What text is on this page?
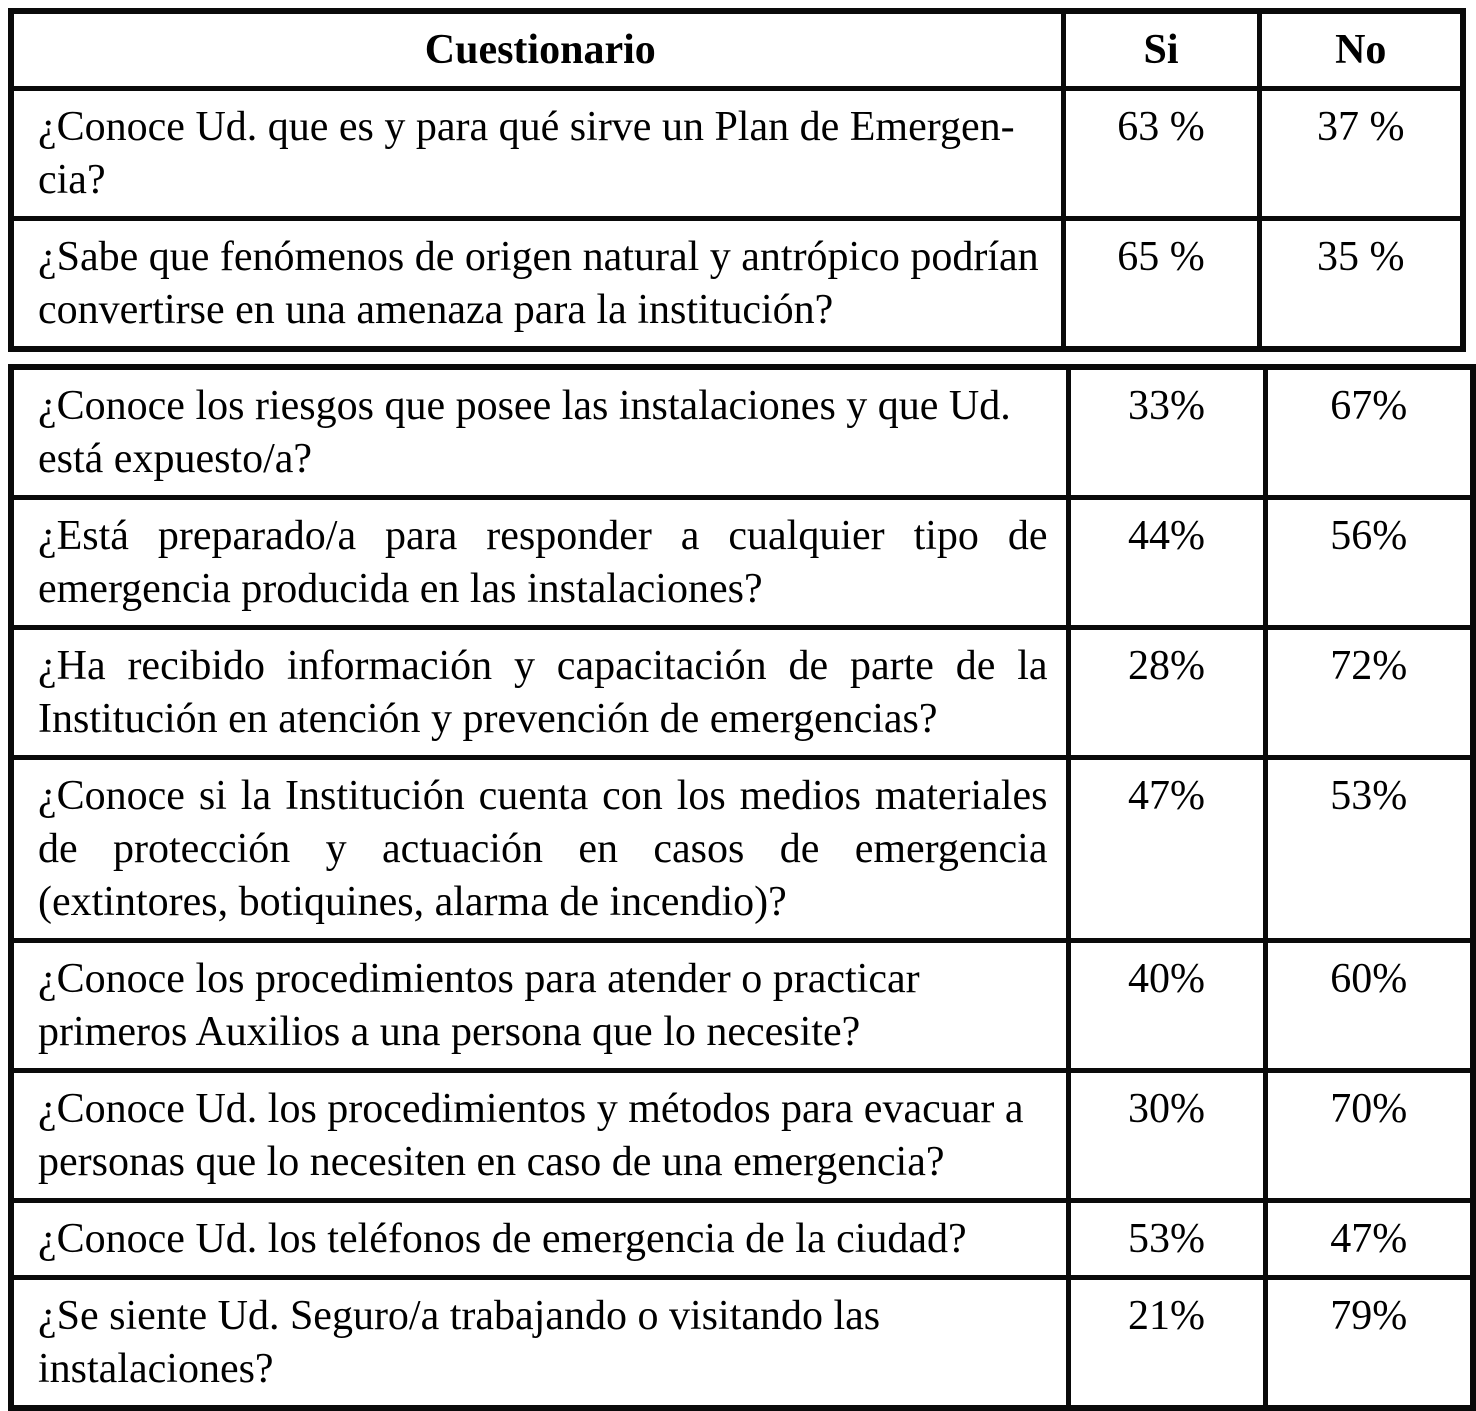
Cuestionario	Si	No
¿Conoce Ud. que es y para qué sirve un Plan de Emergen-cia?	63 %	37 %
¿Sabe que fenómenos de origen natural y antrópico podrían convertirse en una amenaza para la institución?	65 %	35 %
¿Conoce los riesgos que posee las instalaciones y que Ud. está expuesto/a?	33%	67%
¿Está preparado/a para responder a cualquier tipo de emergencia producida en las instalaciones?	44%	56%
¿Ha recibido información y capacitación de parte de la Institución en atención y prevención de emergencias?	28%	72%
¿Conoce si la Institución cuenta con los medios materiales de protección y actuación en casos de emergencia (extintores, botiquines, alarma de incendio)?	47%	53%
¿Conoce los procedimientos para atender o practicar primeros Auxilios a una persona que lo necesite?	40%	60%
¿Conoce Ud. los procedimientos y métodos para evacuar a personas que lo necesiten en caso de una emergencia?	30%	70%
¿Conoce Ud. los teléfonos de emergencia de la ciudad?	53%	47%
¿Se siente Ud. Seguro/a trabajando o visitando las instalaciones?	21%	79%
